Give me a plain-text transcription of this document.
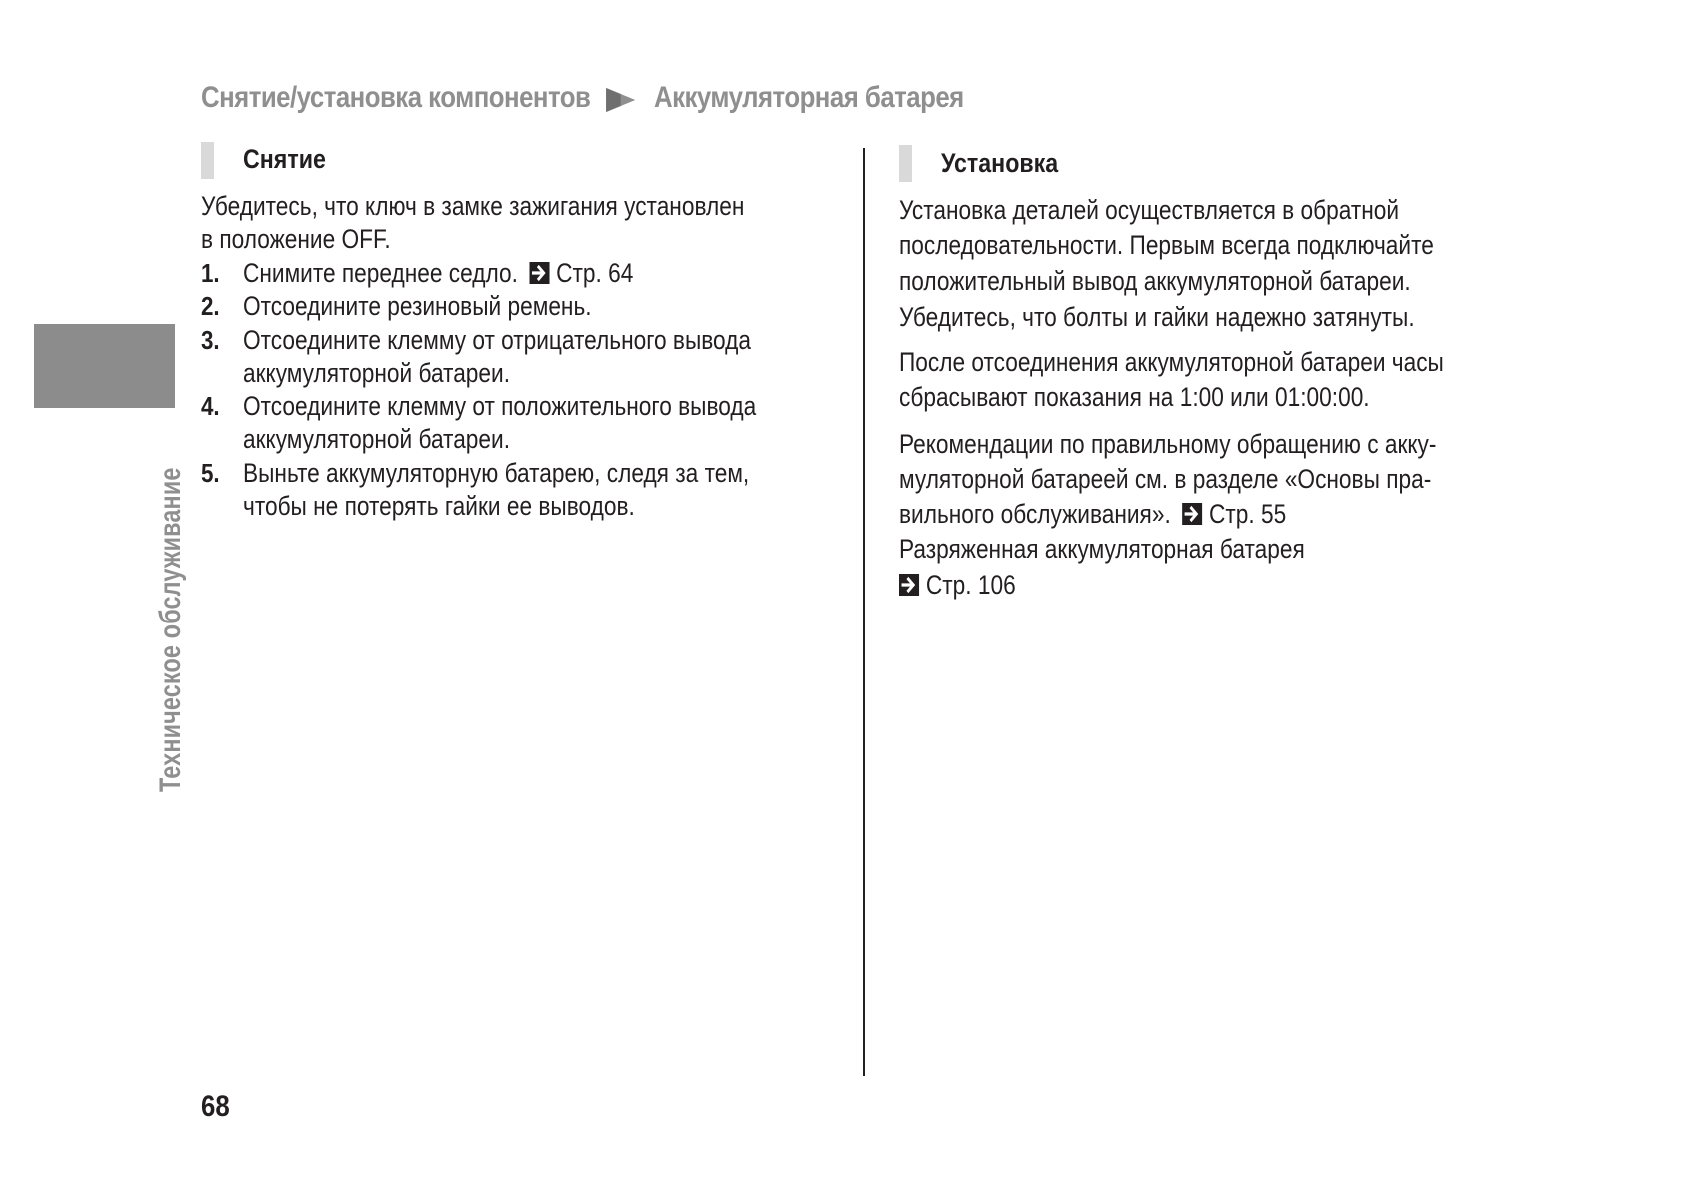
Снятие/установка компонентов Аккумуляторная батарея
Техническое обслуживание
Снятие
Убедитесь, что ключ в замке зажигания установлен
в положение OFF.
1. Снимите переднее седло. Стр. 64
2. Отсоедините резиновый ремень.
3. Отсоедините клемму от отрицательного вывода
аккумуляторной батареи.
4. Отсоедините клемму от положительного вывода
аккумуляторной батареи.
5. Выньте аккумуляторную батарею, следя за тем,
чтобы не потерять гайки ее выводов.
Установка
Установка деталей осуществляется в обратной
последовательности. Первым всегда подключайте
положительный вывод аккумуляторной батареи.
Убедитесь, что болты и гайки надежно затянуты.
После отсоединения аккумуляторной батареи часы
сбрасывают показания на 1:00 или 01:00:00.
Рекомендации по правильному обращению с акку-
муляторной батареей см. в разделе «Основы пра-
вильного обслуживания». Стр. 55
Разряженная аккумуляторная батарея
Стр. 106
68
